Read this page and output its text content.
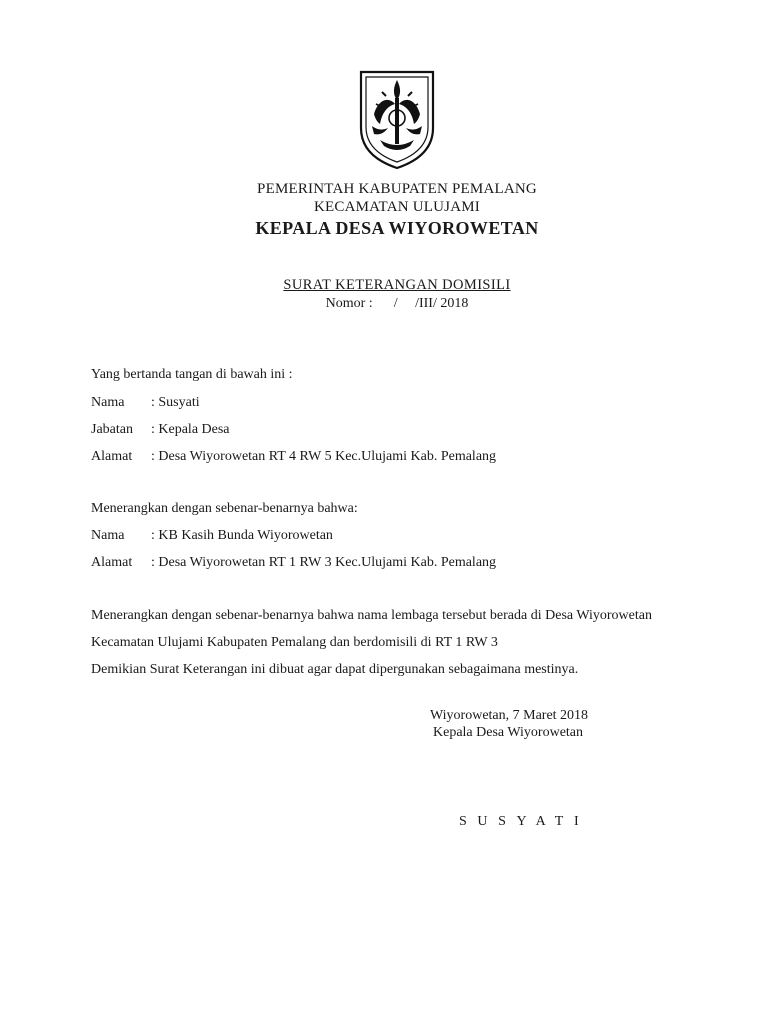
PEMERINTAH KABUPATEN PEMALANG
KECAMATAN ULUJAMI
KEPALA DESA WIYOROWETAN
SURAT KETERANGAN DOMISILI
Nomor :      /     /III/ 2018
Yang bertanda tangan di bawah ini :
Nama : Susyati
Jabatan : Kepala Desa
Alamat : Desa Wiyorowetan RT 4 RW 5 Kec.Ulujami Kab. Pemalang
Menerangkan dengan sebenar-benarnya bahwa:
Nama : KB Kasih Bunda Wiyorowetan
Alamat : Desa Wiyorowetan RT 1 RW 3 Kec.Ulujami Kab. Pemalang
Menerangkan dengan sebenar-benarnya bahwa nama lembaga tersebut berada di Desa Wiyorowetan
Kecamatan Ulujami Kabupaten Pemalang dan berdomisili di RT 1 RW 3
Demikian Surat Keterangan ini dibuat agar dapat dipergunakan sebagaimana mestinya.
Wiyorowetan, 7 Maret 2018
Kepala Desa Wiyorowetan
SUSYATI
